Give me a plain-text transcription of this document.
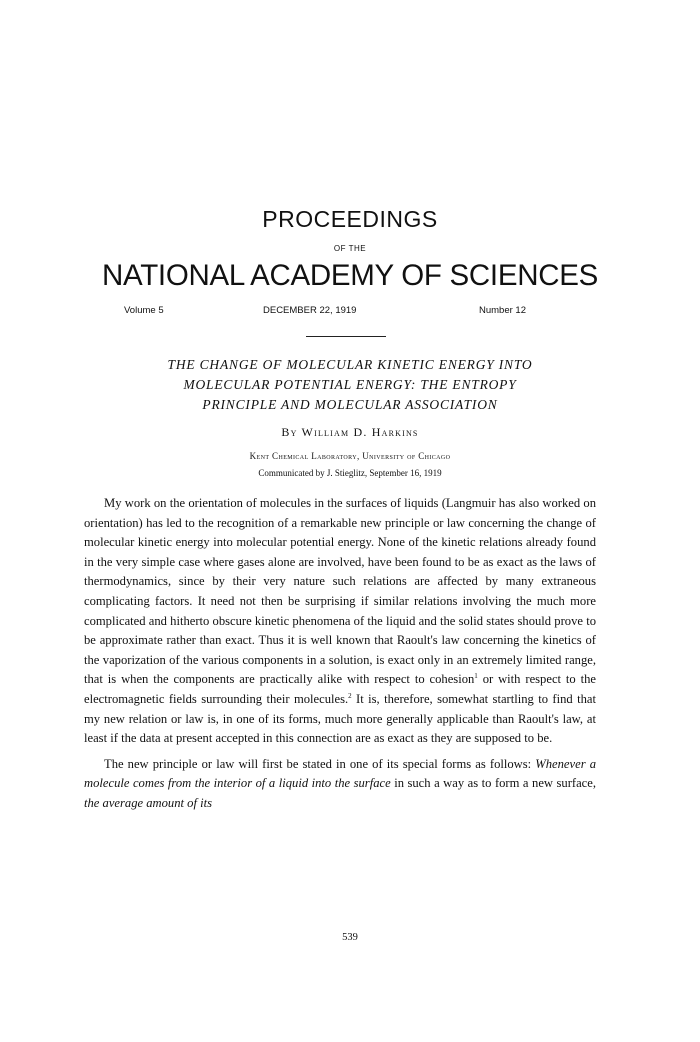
PROCEEDINGS
OF THE
NATIONAL ACADEMY OF SCIENCES
Volume 5	DECEMBER 22, 1919	Number 12
THE CHANGE OF MOLECULAR KINETIC ENERGY INTO
MOLECULAR POTENTIAL ENERGY: THE ENTROPY
PRINCIPLE AND MOLECULAR ASSOCIATION
By William D. Harkins
Kent Chemical Laboratory, University of Chicago
Communicated by J. Stieglitz, September 16, 1919

My work on the orientation of molecules in the surfaces of liquids (Langmuir has also worked on orientation) has led to the recognition of a remarkable new principle or law concerning the change of molecular kinetic energy into molecular potential energy. None of the kinetic relations already found in the very simple case where gases alone are involved, have been found to be as exact as the laws of thermodynamics, since by their very nature such relations are affected by many extraneous complicating factors. It need not then be surprising if similar relations involving the much more complicated and hitherto obscure kinetic phenomena of the liquid and the solid states should prove to be approximate rather than exact. Thus it is well known that Raoult's law concerning the kinetics of the vaporization of the various components in a solution, is exact only in an extremely limited range, that is when the components are practically alike with respect to cohesion$^1$ or with respect to the electromagnetic fields surrounding their molecules.$^2$ It is, therefore, somewhat startling to find that my new relation or law is, in one of its forms, much more generally applicable than Raoult's law, at least if the data at present accepted in this connection are as exact as they are supposed to be.

The new principle or law will first be stated in one of its special forms as follows: Whenever a molecule comes from the interior of a liquid into the surface in such a way as to form a new surface, the average amount of its

539
